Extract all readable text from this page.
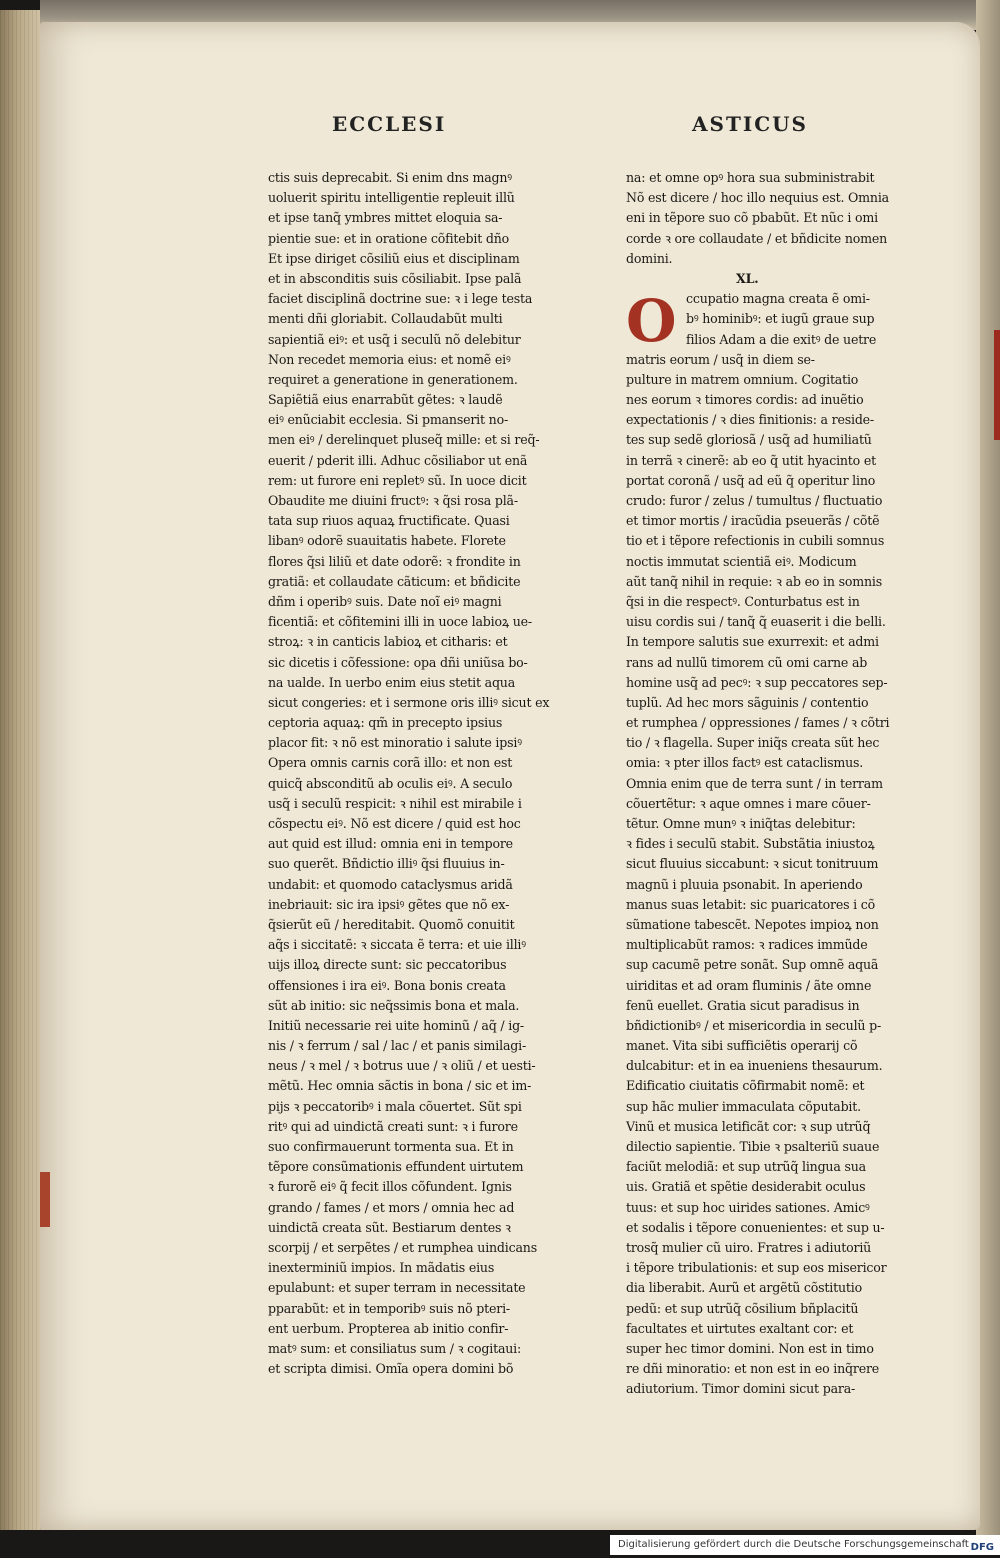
ECCLESI	ASTICUS
ctis suis deprecabit. Si enim dns magnꝰ
uoluerit spiritu intelligentie repleuit illũ
et ipse tanq̃ ymbres mittet eloquia sa-
pientie sue: et in oratione cõfitebit dño
Et ipse diriget cõsiliũ eius et disciplinam
et in absconditis suis cõsiliabit. Ipse palã
faciet disciplinã doctrine sue: ꝛ i lege testa
menti dñi gloriabit. Collaudabũt multi
sapientiã eiꝰ: et usq̃ i seculũ nõ delebitur
Non recedet memoria eius: et nomẽ eiꝰ
requiret a generatione in generationem.
Sapiẽtiã eius enarrabũt gẽtes: ꝛ laudẽ
eiꝰ enũciabit ecclesia. Si pmanserit no-
men eiꝰ / derelinquet pluseq̃ mille: et si req̃-
euerit / pderit illi. Adhuc cõsiliabor ut enã
rem: ut furore eni repletꝰ sũ. In uoce dicit
Obaudite me diuini fructꝰ: ꝛ q̃si rosa plã-
tata sup riuos aquaꝝ fructificate. Quasi
libanꝰ odorẽ suauitatis habete. Florete
flores q̃si liliũ et date odorẽ: ꝛ frondite in
gratiã: et collaudate cãticum: et bñdicite
dñm i operibꝰ suis. Date noĩ eiꝰ magni
ficentiã: et cõfitemini illi in uoce labioꝝ ue-
stroꝝ: ꝛ in canticis labioꝝ et citharis: et
sic dicetis i cõfessione: opa dñi uniũsa bo-
na ualde. In uerbo enim eius stetit aqua
sicut congeries: et i sermone oris illiꝰ sicut ex
ceptoria aquaꝝ: qm̃ in precepto ipsius
placor fit: ꝛ nõ est minoratio i salute ipsiꝰ
Opera omnis carnis corã illo: et non est
quicq̃ absconditũ ab oculis eiꝰ. A seculo
usq̃ i seculũ respicit: ꝛ nihil est mirabile i
cõspectu eiꝰ. Nõ est dicere / quid est hoc
aut quid est illud: omnia eni in tempore
suo querẽt. Bñdictio illiꝰ q̃si fluuius in-
undabit: et quomodo cataclysmus aridã
inebriauit: sic ira ipsiꝰ gẽtes que nõ ex-
q̃sierũt eũ / hereditabit. Quomõ conuitit
aq̃s i siccitatẽ: ꝛ siccata ẽ terra: et uie illiꝰ
uijs illoꝝ directe sunt: sic peccatoribus
offensiones i ira eiꝰ. Bona bonis creata
sũt ab initio: sic neq̃ssimis bona et mala.
Initiũ necessarie rei uite hominũ / aq̃ / ig-
nis / ꝛ ferrum / sal / lac / et panis similagi-
neus / ꝛ mel / ꝛ botrus uue / ꝛ oliũ / et uesti-
mẽtũ. Hec omnia sãctis in bona / sic et im-
pijs ꝛ peccatoribꝰ i mala cõuertet. Sũt spi
ritꝰ qui ad uindictã creati sunt: ꝛ i furore
suo confirmauerunt tormenta sua. Et in
tẽpore consũmationis effundent uirtutem
ꝛ furorẽ eiꝰ q̃ fecit illos cõfundent. Ignis
grando / fames / et mors / omnia hec ad
uindictã creata sũt. Bestiarum dentes ꝛ
scorpij / et serpẽtes / et rumphea uindicans
inexterminiũ impios. In mãdatis eius
epulabunt: et super terram in necessitate
pparabũt: et in temporibꝰ suis nõ pteri-
ent uerbum. Propterea ab initio confir-
matꝰ sum: et consiliatus sum / ꝛ cogitaui:
et scripta dimisi. Omĩa opera domini bõ
na: et omne opꝰ hora sua subministrabit
Nõ est dicere / hoc illo nequius est. Omnia
eni in tẽpore suo cõ pbabũt. Et nũc i omi
corde ꝛ ore collaudate / et bñdicite nomen
domini.
XL.
O ccupatio magna creata ẽ omi-
bꝰ hominibꝰ: et iugũ graue sup
filios Adam a die exitꝰ de uetre
matris eorum / usq̃ in diem se-
pulture in matrem omnium. Cogitatio
nes eorum ꝛ timores cordis: ad inuẽtio
expectationis / ꝛ dies finitionis: a reside-
tes sup sedẽ gloriosã / usq̃ ad humiliatũ
in terrã ꝛ cinerẽ: ab eo q̃ utit hyacinto et
portat coronã / usq̃ ad eũ q̃ operitur lino
crudo: furor / zelus / tumultus / fluctuatio
et timor mortis / iracũdia pseuerãs / cõtẽ
tio et i tẽpore refectionis in cubili somnus
noctis immutat scientiã eiꝰ. Modicum
aũt tanq̃ nihil in requie: ꝛ ab eo in somnis
q̃si in die respectꝰ. Conturbatus est in
uisu cordis sui / tanq̃ q̃ euaserit i die belli.
In tempore salutis sue exurrexit: et admi
rans ad nullũ timorem cũ omi carne ab
homine usq̃ ad pecꝰ: ꝛ sup peccatores sep-
tuplũ. Ad hec mors sãguinis / contentio
et rumphea / oppressiones / fames / ꝛ cõtri
tio / ꝛ flagella. Super iniq̃s creata sũt hec
omia: ꝛ pter illos factꝰ est cataclismus.
Omnia enim que de terra sunt / in terram
cõuertẽtur: ꝛ aque omnes i mare cõuer-
tẽtur. Omne munꝰ ꝛ iniq̃tas delebitur:
ꝛ fides i seculũ stabit. Substãtia iniustoꝝ
sicut fluuius siccabunt: ꝛ sicut tonitruum
magnũ i pluuia psonabit. In aperiendo
manus suas letabit: sic puaricatores i cõ
sũmatione tabescẽt. Nepotes impioꝝ non
multiplicabũt ramos: ꝛ radices immũde
sup cacumẽ petre sonãt. Sup omnẽ aquã
uiriditas et ad oram fluminis / ãte omne
fenũ euellet. Gratia sicut paradisus in
bñdictionibꝰ / et misericordia in seculũ p-
manet. Vita sibi sufficiẽtis operarij cõ
dulcabitur: et in ea inueniens thesaurum.
Edificatio ciuitatis cõfirmabit nomẽ: et
sup hãc mulier immaculata cõputabit.
Vinũ et musica letificãt cor: ꝛ sup utrũq̃
dilectio sapientie. Tibie ꝛ psalteriũ suaue
faciũt melodiã: et sup utrũq̃ lingua sua
uis. Gratiã et spẽtie desiderabit oculus
tuus: et sup hoc uirides sationes. Amicꝰ
et sodalis i tẽpore conuenientes: et sup u-
trosq̃ mulier cũ uiro. Fratres i adiutoriũ
i tẽpore tribulationis: et sup eos misericor
dia liberabit. Aurũ et argẽtũ cõstitutio
pedũ: et sup utrũq̃ cõsilium bñplacitũ
facultates et uirtutes exaltant cor: et
super hec timor domini. Non est in timo
re dñi minoratio: et non est in eo inq̃rere
adiutorium. Timor domini sicut para-
Digitalisierung gefördert durch die Deutsche Forschungsgemeinschaft ·
DFG
